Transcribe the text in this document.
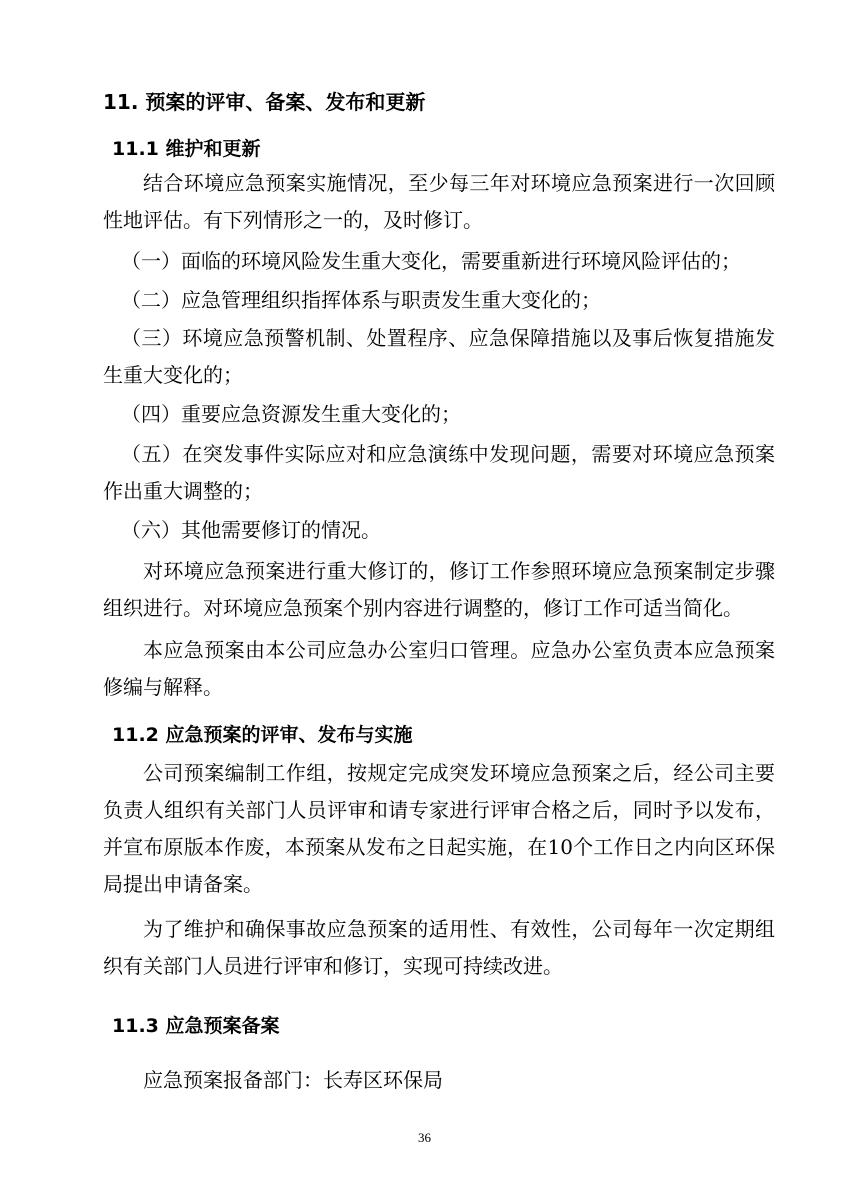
11. 预案的评审、备案、发布和更新
11.1 维护和更新

结合环境应急预案实施情况，至少每三年对环境应急预案进行一次回顾性地评估。有下列情形之一的，及时修订。

（一）面临的环境风险发生重大变化，需要重新进行环境风险评估的；

（二）应急管理组织指挥体系与职责发生重大变化的；

（三）环境应急预警机制、处置程序、应急保障措施以及事后恢复措施发生重大变化的；

（四）重要应急资源发生重大变化的；

（五）在突发事件实际应对和应急演练中发现问题，需要对环境应急预案作出重大调整的；

（六）其他需要修订的情况。

对环境应急预案进行重大修订的，修订工作参照环境应急预案制定步骤组织进行。对环境应急预案个别内容进行调整的，修订工作可适当简化。

本应急预案由本公司应急办公室归口管理。应急办公室负责本应急预案修编与解释。

11.2 应急预案的评审、发布与实施

公司预案编制工作组，按规定完成突发环境应急预案之后，经公司主要负责人组织有关部门人员评审和请专家进行评审合格之后，同时予以发布，并宣布原版本作废，本预案从发布之日起实施，在10个工作日之内向区环保局提出申请备案。

为了维护和确保事故应急预案的适用性、有效性，公司每年一次定期组织有关部门人员进行评审和修订，实现可持续改进。

11.3 应急预案备案

应急预案报备部门：长寿区环保局

36
